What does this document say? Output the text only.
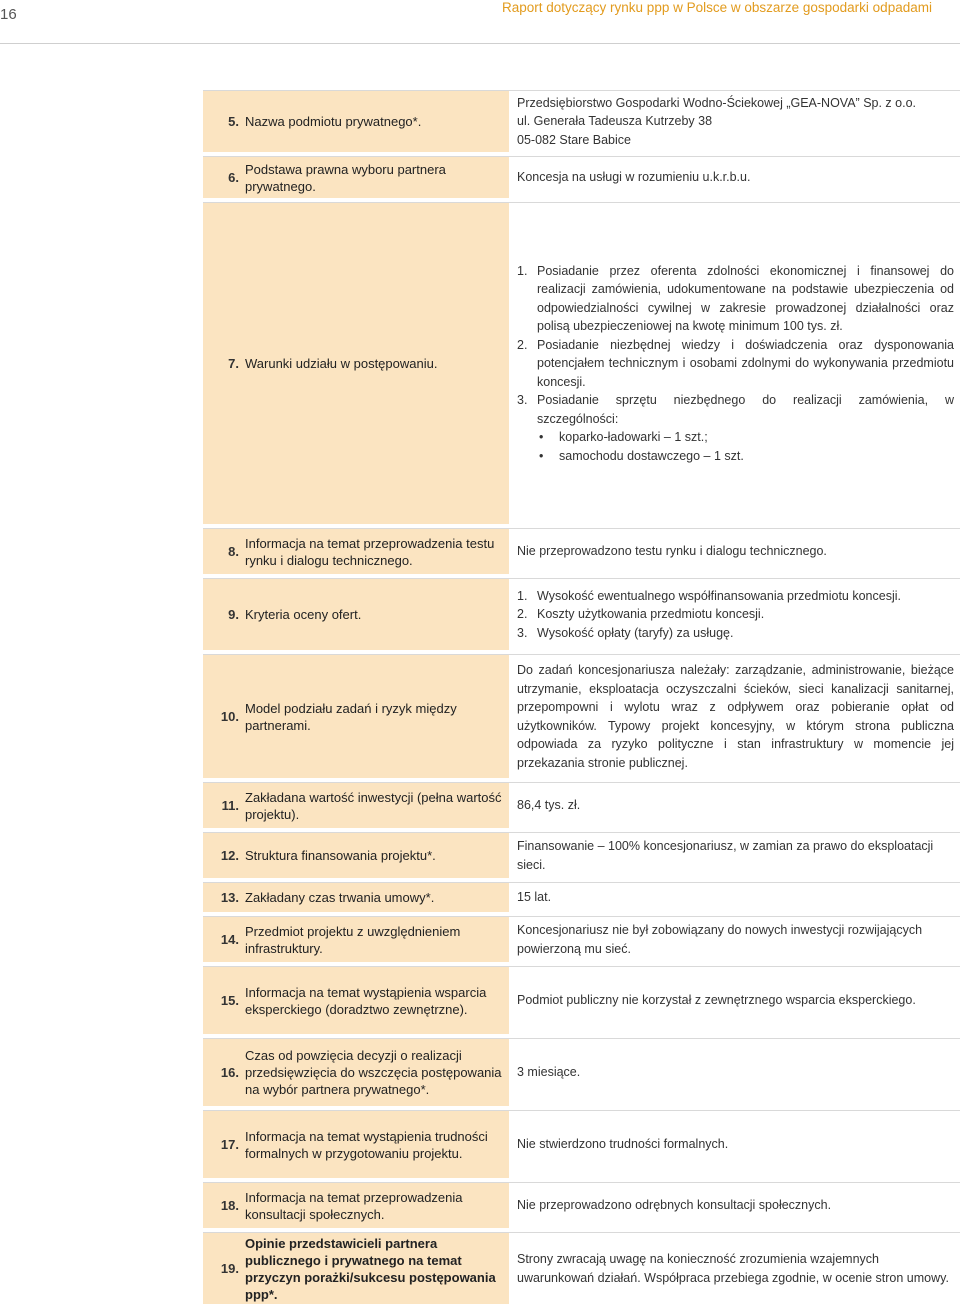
16	Raport dotyczący rynku ppp w Polsce w obszarze gospodarki odpadami
5. Nazwa podmiotu prywatnego*.
Przedsiębiorstwo Gospodarki Wodno-Ściekowej „GEA-NOVA” Sp. z o.o.
ul. Generała Tadeusza Kutrzeby 38
05-082 Stare Babice
6.
Podstawa prawna wyboru partnera prywatnego.
Koncesja na usługi w rozumieniu u.k.r.b.u.
7. Warunki udziału w postępowaniu.
1. Posiadanie przez oferenta zdolności ekonomicznej i finansowej do realizacji zamówienia, udokumentowane na podstawie ubezpieczenia od odpowiedzialności cywilnej w zakresie prowadzonej działalności oraz polisą ubezpieczeniowej na kwotę minimum 100 tys. zł.
2. Posiadanie niezbędnej wiedzy i doświadczenia oraz dysponowania potencjałem technicznym i osobami zdolnymi do wykonywania przedmiotu koncesji.
3. Posiadanie sprzętu niezbędnego do realizacji zamówienia, w szczególności:
•
koparko-ładowarki – 1 szt.;
•
samochodu dostawczego – 1 szt.
8.
Informacja na temat przeprowadzenia testu rynku i dialogu technicznego.
Nie przeprowadzono testu rynku i dialogu technicznego.
9. Kryteria oceny ofert.
1. Wysokość ewentualnego współfinansowania przedmiotu koncesji.
2. Koszty użytkowania przedmiotu koncesji.
3. Wysokość opłaty (taryfy) za usługę.
10.
Model podziału zadań i ryzyk między partnerami.
Do zadań koncesjonariusza należały: zarządzanie, administrowanie, bieżące utrzymanie, eksploatacja oczyszczalni ścieków, sieci kanalizacji sanitarnej, przepompowni i wylotu wraz z odpływem oraz pobieranie opłat od użytkowników. Typowy projekt koncesyjny, w którym strona publiczna odpowiada za ryzyko polityczne i stan infrastruktury w momencie jej przekazania stronie publicznej.
11.
Zakładana wartość inwestycji (pełna wartość projektu).
86,4 tys. zł.
12. Struktura finansowania projektu*.
Finansowanie – 100% koncesjonariusz, w zamian za prawo do eksploatacji sieci.
13. Zakładany czas trwania umowy*.	15 lat.
14.
Przedmiot projektu z uwzględnieniem infrastruktury.
Koncesjonariusz nie był zobowiązany do nowych inwestycji rozwijających powierzoną mu sieć.
15.
Informacja na temat wystąpienia wsparcia eksperckiego (doradztwo zewnętrzne).
Podmiot publiczny nie korzystał z zewnętrznego wsparcia eksperckiego.
16.
Czas od powzięcia decyzji o realizacji przedsięwzięcia do wszczęcia postępowania na wybór partnera prywatnego*.
3 miesiące.
17.
Informacja na temat wystąpienia trudności formalnych w przygotowaniu projektu.
Nie stwierdzono trudności formalnych.
18.
Informacja na temat przeprowadzenia konsultacji społecznych.
Nie przeprowadzono odrębnych konsultacji społecznych.
19.
Opinie przedstawicieli partnera publicznego i prywatnego na temat przyczyn porażki/sukcesu postępowania ppp*.
Strony zwracają uwagę na konieczność zrozumienia wzajemnych uwarunkowań działań. Współpraca przebiega zgodnie, w ocenie stron umowy.
